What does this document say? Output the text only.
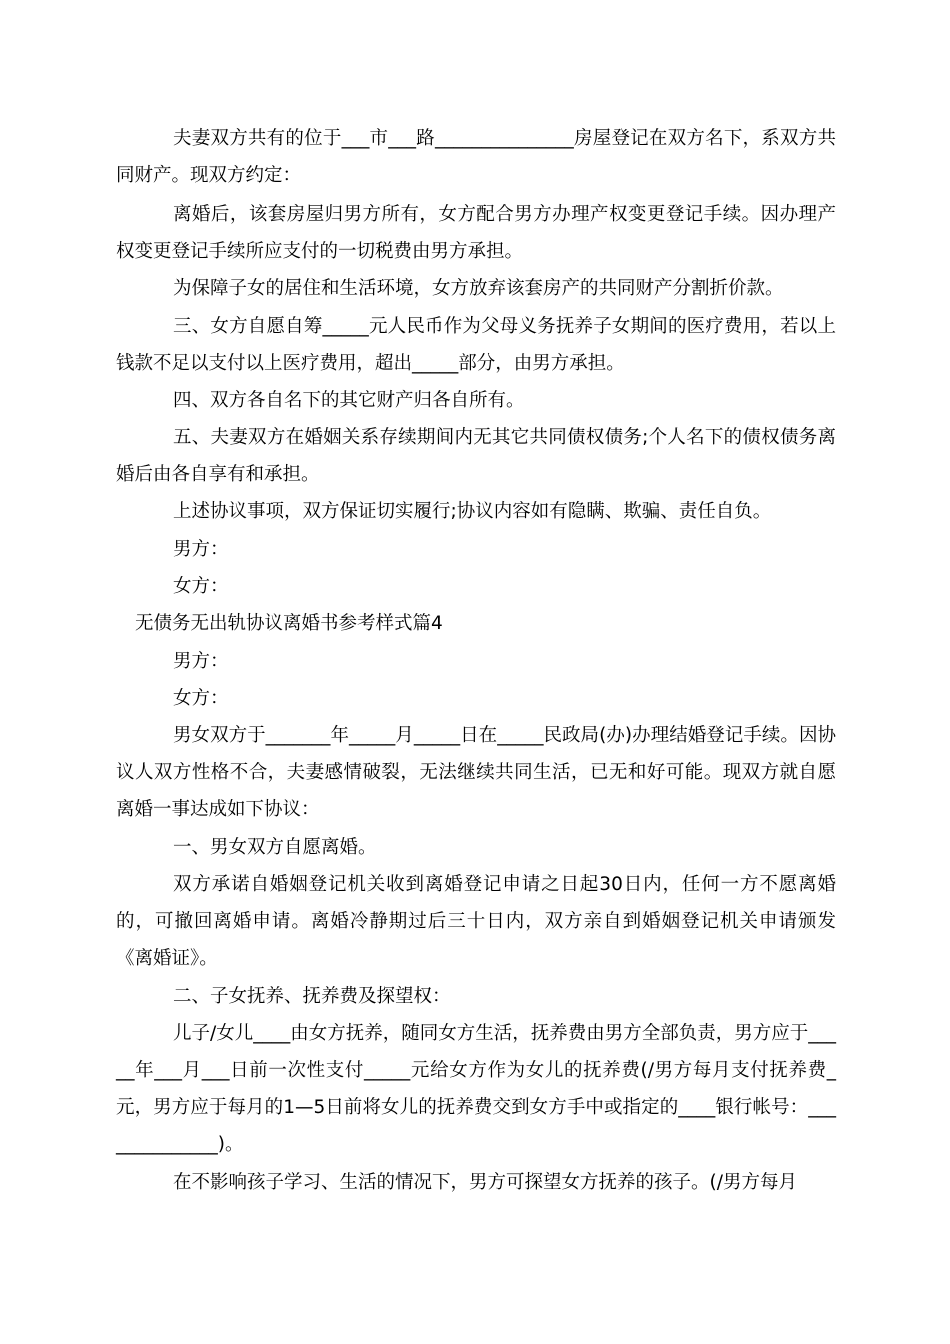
夫妻双方共有的位于___市___路_______________房屋登记在双方名下，系双方共同财产。现双方约定：

离婚后，该套房屋归男方所有，女方配合男方办理产权变更登记手续。因办理产权变更登记手续所应支付的一切税费由男方承担。

为保障子女的居住和生活环境，女方放弃该套房产的共同财产分割折价款。

三、女方自愿自筹_____元人民币作为父母义务抚养子女期间的医疗费用，若以上钱款不足以支付以上医疗费用，超出_____部分，由男方承担。

四、双方各自名下的其它财产归各自所有。

五、夫妻双方在婚姻关系存续期间内无其它共同债权债务;个人名下的债权债务离婚后由各自享有和承担。

上述协议事项，双方保证切实履行;协议内容如有隐瞒、欺骗、责任自负。

男方：

女方：

无债务无出轨协议离婚书参考样式篇4

男方：

女方：

男女双方于_______年_____月_____日在_____民政局(办)办理结婚登记手续。因协议人双方性格不合，夫妻感情破裂，无法继续共同生活，已无和好可能。现双方就自愿离婚一事达成如下协议：

一、男女双方自愿离婚。

双方承诺自婚姻登记机关收到离婚登记申请之日起30日内，任何一方不愿离婚的，可撤回离婚申请。离婚冷静期过后三十日内，双方亲自到婚姻登记机关申请颁发《离婚证》。

二、子女抚养、抚养费及探望权：

儿子/女儿____由女方抚养，随同女方生活，抚养费由男方全部负责，男方应于_____年___月___日前一次性支付_____元给女方作为女儿的抚养费(/男方每月支付抚养费_元，男方应于每月的1—5日前将女儿的抚养费交到女方手中或指定的____银行帐号：______________)。

在不影响孩子学习、生活的情况下，男方可探望女方抚养的孩子。(/男方每月
